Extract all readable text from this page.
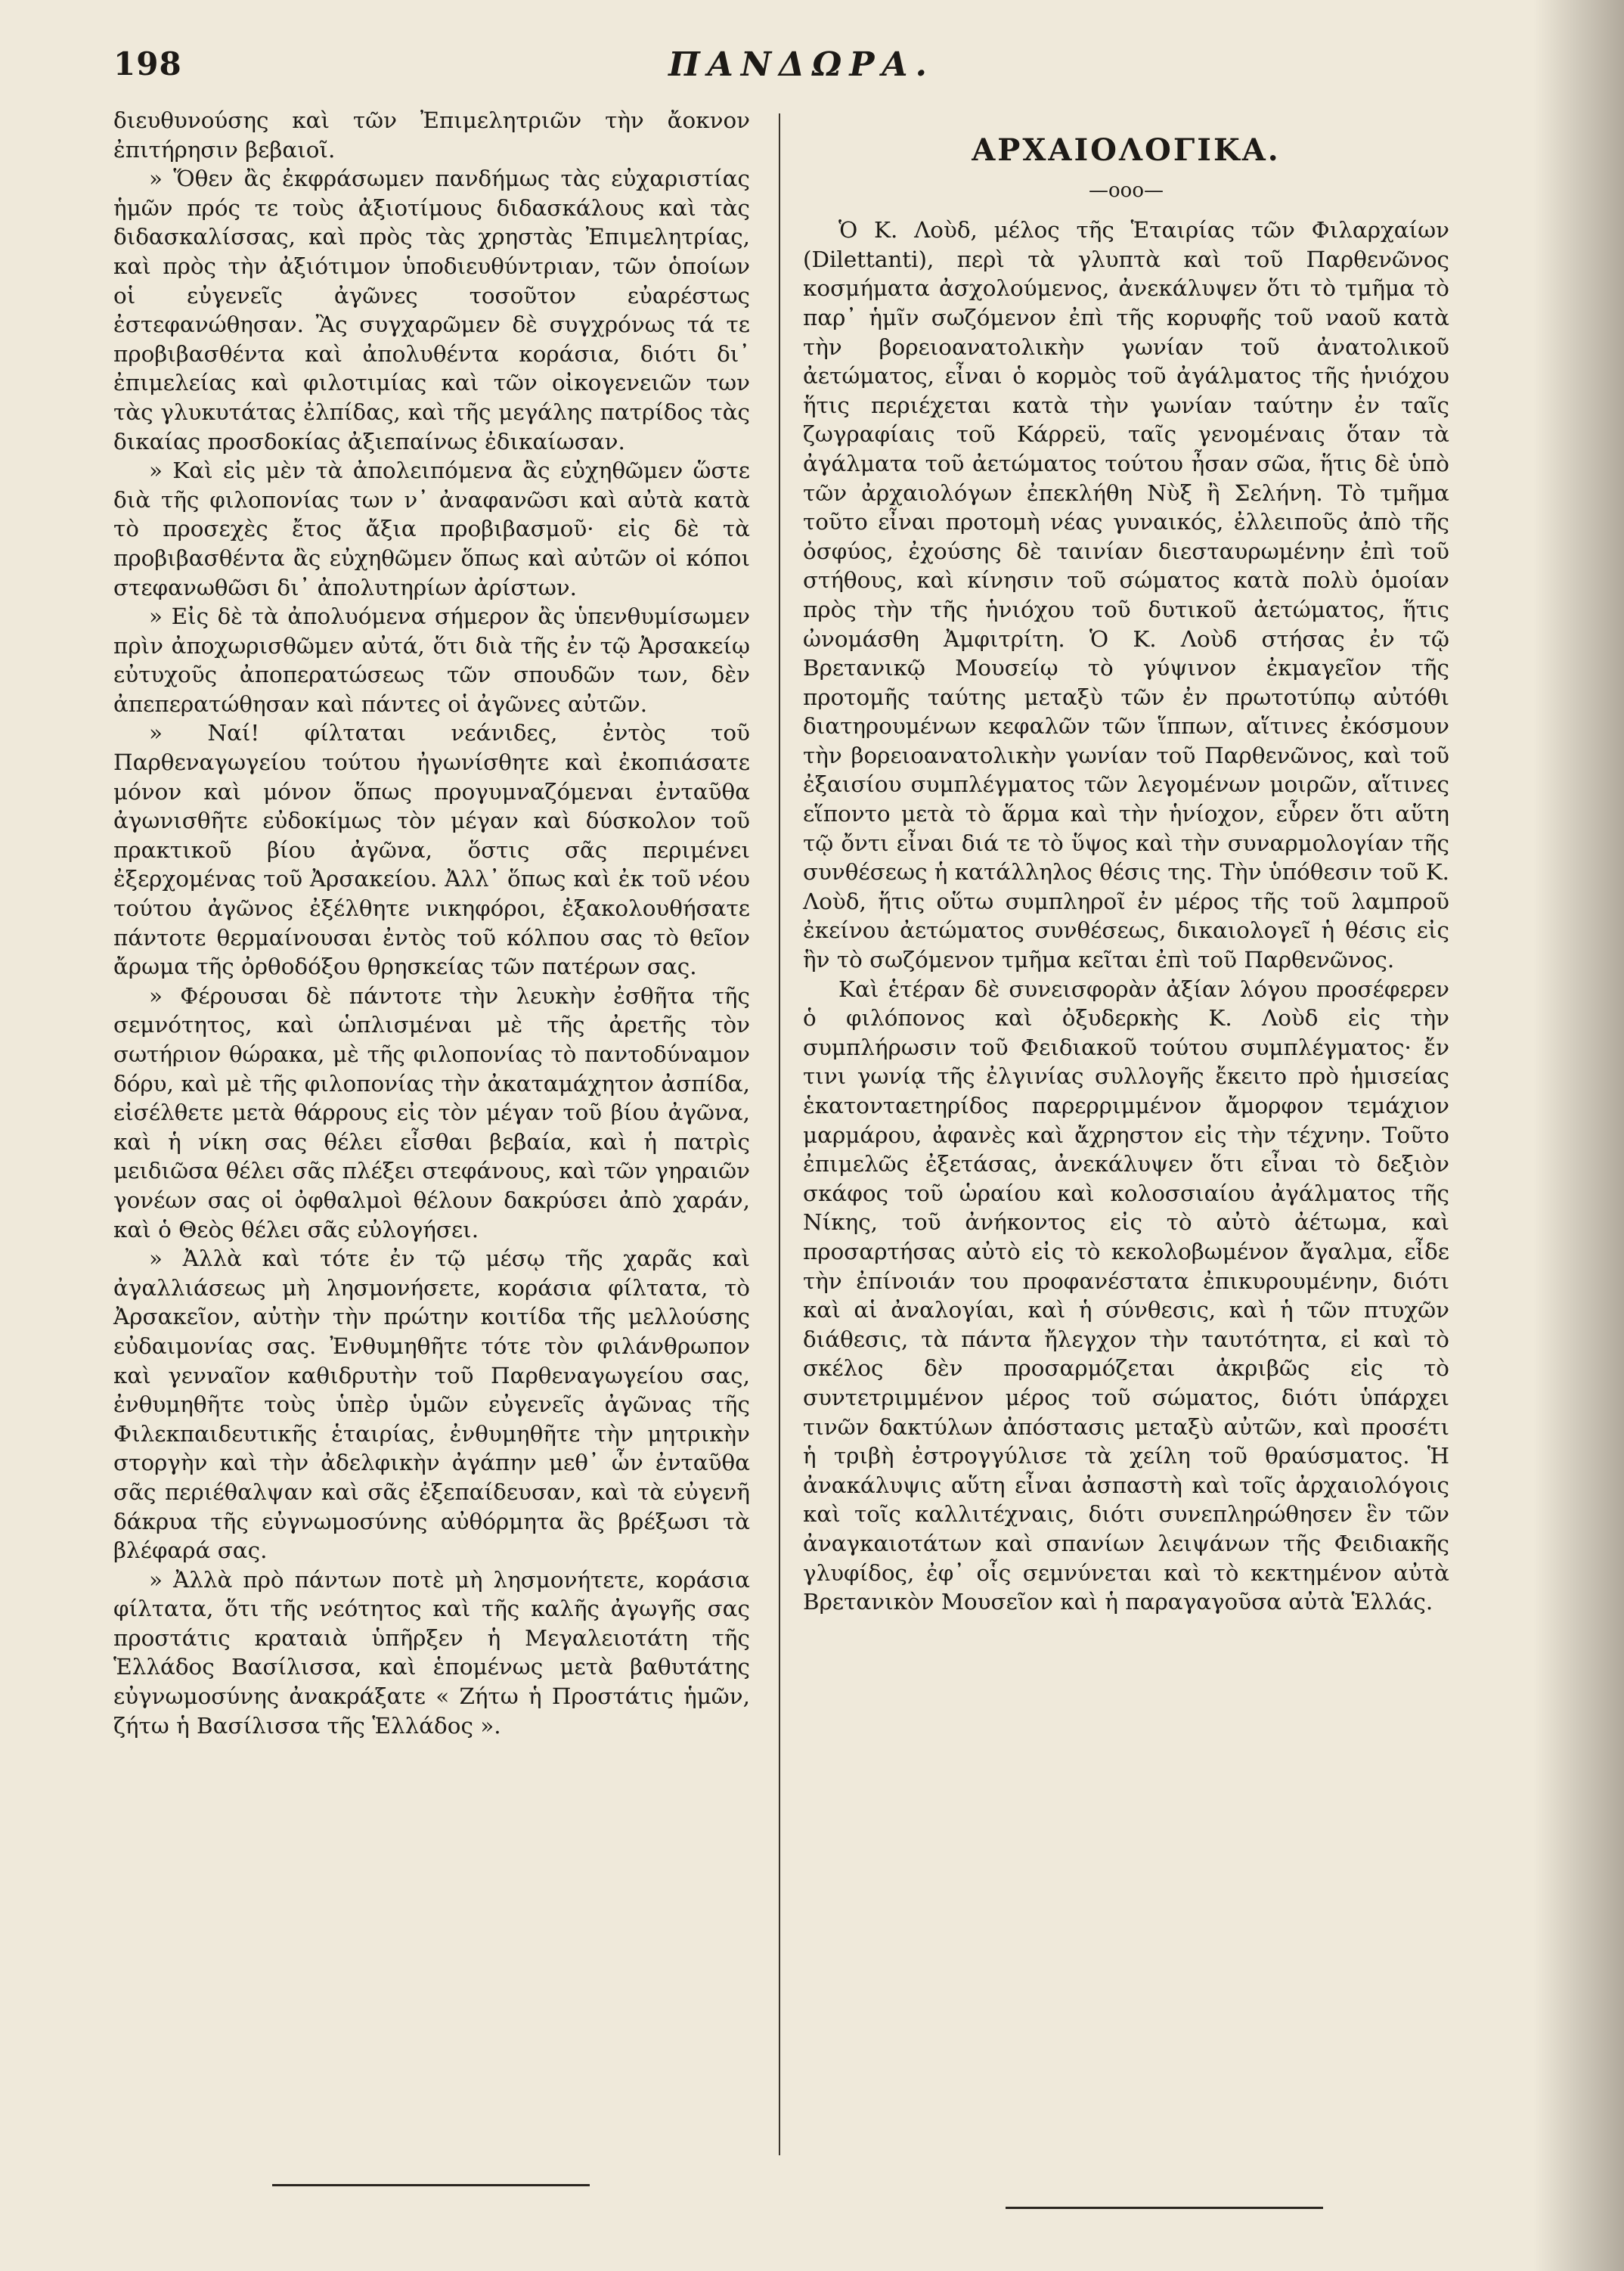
198	ΠΑΝΔΩΡΑ.

διευθυνούσης καὶ τῶν Ἐπιμελητριῶν τὴν ἄοκνον ἐπιτήρησιν βεβαιοῖ.

» Ὅθεν ἂς ἐκφράσωμεν πανδήμως τὰς εὐχαριστίας ἡμῶν πρός τε τοὺς ἀξιοτίμους διδασκάλους καὶ τὰς διδασκαλίσσας, καὶ πρὸς τὰς χρηστὰς Ἐπιμελητρίας, καὶ πρὸς τὴν ἀξιότιμον ὑποδιευθύντριαν, τῶν ὁποίων οἱ εὐγενεῖς ἀγῶνες τοσοῦτον εὐαρέστως ἐστεφανώθησαν. Ἂς συγχαρῶμεν δὲ συγχρόνως τά τε προβιβασθέντα καὶ ἀπολυθέντα κοράσια, διότι δι᾽ ἐπιμελείας καὶ φιλοτιμίας καὶ τῶν οἰκογενειῶν των τὰς γλυκυτάτας ἐλπίδας, καὶ τῆς μεγάλης πατρίδος τὰς δικαίας προσδοκίας ἀξιεπαίνως ἐδικαίωσαν.

» Καὶ εἰς μὲν τὰ ἀπολειπόμενα ἂς εὐχηθῶμεν ὥστε διὰ τῆς φιλοπονίας των ν᾽ ἀναφανῶσι καὶ αὐτὰ κατὰ τὸ προσεχὲς ἔτος ἄξια προβιβασμοῦ· εἰς δὲ τὰ προβιβασθέντα ἂς εὐχηθῶμεν ὅπως καὶ αὐτῶν οἱ κόποι στεφανωθῶσι δι᾽ ἀπολυτηρίων ἀρίστων.

» Εἰς δὲ τὰ ἀπολυόμενα σήμερον ἂς ὑπενθυμίσωμεν πρὶν ἀποχωρισθῶμεν αὐτά, ὅτι διὰ τῆς ἐν τῷ Ἀρσακείῳ εὐτυχοῦς ἀποπερατώσεως τῶν σπουδῶν των, δὲν ἀπεπερατώθησαν καὶ πάντες οἱ ἀγῶνες αὐτῶν.

» Ναί! φίλταται νεάνιδες, ἐντὸς τοῦ Παρθεναγωγείου τούτου ἠγωνίσθητε καὶ ἐκοπιάσατε μόνον καὶ μόνον ὅπως προγυμναζόμεναι ἐνταῦθα ἀγωνισθῆτε εὐδοκίμως τὸν μέγαν καὶ δύσκολον τοῦ πρακτικοῦ βίου ἀγῶνα, ὅστις σᾶς περιμένει ἐξερχομένας τοῦ Ἀρσακείου. Ἀλλ᾽ ὅπως καὶ ἐκ τοῦ νέου τούτου ἀγῶνος ἐξέλθητε νικηφόροι, ἐξακολουθήσατε πάντοτε θερμαίνουσαι ἐντὸς τοῦ κόλπου σας τὸ θεῖον ἄρωμα τῆς ὀρθοδόξου θρησκείας τῶν πατέρων σας.

» Φέρουσαι δὲ πάντοτε τὴν λευκὴν ἐσθῆτα τῆς σεμνότητος, καὶ ὡπλισμέναι μὲ τῆς ἀρετῆς τὸν σωτήριον θώρακα, μὲ τῆς φιλοπονίας τὸ παντοδύναμον δόρυ, καὶ μὲ τῆς φιλοπονίας τὴν ἀκαταμάχητον ἀσπίδα, εἰσέλθετε μετὰ θάρρους εἰς τὸν μέγαν τοῦ βίου ἀγῶνα, καὶ ἡ νίκη σας θέλει εἶσθαι βεβαία, καὶ ἡ πατρὶς μειδιῶσα θέλει σᾶς πλέξει στεφάνους, καὶ τῶν γηραιῶν γονέων σας οἱ ὀφθαλμοὶ θέλουν δακρύσει ἀπὸ χαράν, καὶ ὁ Θεὸς θέλει σᾶς εὐλογήσει.

» Ἀλλὰ καὶ τότε ἐν τῷ μέσῳ τῆς χαρᾶς καὶ ἀγαλλιάσεως μὴ λησμονήσετε, κοράσια φίλτατα, τὸ Ἀρσακεῖον, αὐτὴν τὴν πρώτην κοιτίδα τῆς μελλούσης εὐδαιμονίας σας. Ἐνθυμηθῆτε τότε τὸν φιλάνθρωπον καὶ γενναῖον καθιδρυτὴν τοῦ Παρθεναγωγείου σας, ἐνθυμηθῆτε τοὺς ὑπὲρ ὑμῶν εὐγενεῖς ἀγῶνας τῆς Φιλεκπαιδευτικῆς ἑταιρίας, ἐνθυμηθῆτε τὴν μητρικὴν στοργὴν καὶ τὴν ἀδελφικὴν ἀγάπην μεθ᾽ ὧν ἐνταῦθα σᾶς περιέθαλψαν καὶ σᾶς ἐξεπαίδευσαν, καὶ τὰ εὐγενῆ δάκρυα τῆς εὐγνωμοσύνης αὐθόρμητα ἂς βρέξωσι τὰ βλέφαρά σας.

» Ἀλλὰ πρὸ πάντων ποτὲ μὴ λησμονήτετε, κοράσια φίλτατα, ὅτι τῆς νεότητος καὶ τῆς καλῆς ἀγωγῆς σας προστάτις κραταιὰ ὑπῆρξεν ἡ Μεγαλειοτάτη τῆς Ἑλλάδος Βασίλισσα, καὶ ἑπομένως μετὰ βαθυτάτης εὐγνωμοσύνης ἀνακράξατε « Ζήτω ἡ Προστάτις ἡμῶν, ζήτω ἡ Βασίλισσα τῆς Ἑλλάδος ».

ΑΡΧΑΙΟΛΟΓΙΚΑ.
—ooo—

Ὁ Κ. Λοὺδ, μέλος τῆς Ἑταιρίας τῶν Φιλαρχαίων (Dilettanti), περὶ τὰ γλυπτὰ καὶ τοῦ Παρθενῶνος κοσμήματα ἀσχολούμενος, ἀνεκάλυψεν ὅτι τὸ τμῆμα τὸ παρ᾽ ἡμῖν σωζόμενον ἐπὶ τῆς κορυφῆς τοῦ ναοῦ κατὰ τὴν βορειοανατολικὴν γωνίαν τοῦ ἀνατολικοῦ ἀετώματος, εἶναι ὁ κορμὸς τοῦ ἀγάλματος τῆς ἡνιόχου ἥτις περιέχεται κατὰ τὴν γωνίαν ταύτην ἐν ταῖς ζωγραφίαις τοῦ Κάρρεϋ, ταῖς γενομέναις ὅταν τὰ ἀγάλματα τοῦ ἀετώματος τούτου ἦσαν σῶα, ἥτις δὲ ὑπὸ τῶν ἀρχαιολόγων ἐπεκλήθη Νὺξ ἢ Σελήνη. Τὸ τμῆμα τοῦτο εἶναι προτομὴ νέας γυναικός, ἐλλειποῦς ἀπὸ τῆς ὀσφύος, ἐχούσης δὲ ταινίαν διεσταυρωμένην ἐπὶ τοῦ στήθους, καὶ κίνησιν τοῦ σώματος κατὰ πολὺ ὁμοίαν πρὸς τὴν τῆς ἡνιόχου τοῦ δυτικοῦ ἀετώματος, ἥτις ὠνομάσθη Ἀμφιτρίτη. Ὁ Κ. Λοὺδ στήσας ἐν τῷ Βρετανικῷ Μουσείῳ τὸ γύψινον ἐκμαγεῖον τῆς προτομῆς ταύτης μεταξὺ τῶν ἐν πρωτοτύπῳ αὐτόθι διατηρουμένων κεφαλῶν τῶν ἵππων, αἵτινες ἐκόσμουν τὴν βορειοανατολικὴν γωνίαν τοῦ Παρθενῶνος, καὶ τοῦ ἐξαισίου συμπλέγματος τῶν λεγομένων μοιρῶν, αἵτινες εἵποντο μετὰ τὸ ἅρμα καὶ τὴν ἡνίοχον, εὗρεν ὅτι αὕτη τῷ ὄντι εἶναι διά τε τὸ ὕψος καὶ τὴν συναρμολογίαν τῆς συνθέσεως ἡ κατάλληλος θέσις της. Τὴν ὑπόθεσιν τοῦ Κ. Λοὺδ, ἥτις οὕτω συμπληροῖ ἐν μέρος τῆς τοῦ λαμπροῦ ἐκείνου ἀετώματος συνθέσεως, δικαιολογεῖ ἡ θέσις εἰς ἣν τὸ σωζόμενον τμῆμα κεῖται ἐπὶ τοῦ Παρθενῶνος.

Καὶ ἑτέραν δὲ συνεισφορὰν ἀξίαν λόγου προσέφερεν ὁ φιλόπονος καὶ ὀξυδερκὴς Κ. Λοὺδ εἰς τὴν συμπλήρωσιν τοῦ Φειδιακοῦ τούτου συμπλέγματος· ἔν τινι γωνίᾳ τῆς ἐλγινίας συλλογῆς ἔκειτο πρὸ ἡμισείας ἑκατονταετηρίδος παρερριμμένον ἄμορφον τεμάχιον μαρμάρου, ἀφανὲς καὶ ἄχρηστον εἰς τὴν τέχνην. Τοῦτο ἐπιμελῶς ἐξετάσας, ἀνεκάλυψεν ὅτι εἶναι τὸ δεξιὸν σκάφος τοῦ ὡραίου καὶ κολοσσιαίου ἀγάλματος τῆς Νίκης, τοῦ ἀνήκοντος εἰς τὸ αὐτὸ ἀέτωμα, καὶ προσαρτήσας αὐτὸ εἰς τὸ κεκολοβωμένον ἄγαλμα, εἶδε τὴν ἐπίνοιάν του προφανέστατα ἐπικυρουμένην, διότι καὶ αἱ ἀναλογίαι, καὶ ἡ σύνθεσις, καὶ ἡ τῶν πτυχῶν διάθεσις, τὰ πάντα ἤλεγχον τὴν ταυτότητα, εἰ καὶ τὸ σκέλος δὲν προσαρμόζεται ἀκριβῶς εἰς τὸ συντετριμμένον μέρος τοῦ σώματος, διότι ὑπάρχει τινῶν δακτύλων ἀπόστασις μεταξὺ αὐτῶν, καὶ προσέτι ἡ τριβὴ ἐστρογγύλισε τὰ χείλη τοῦ θραύσματος. Ἡ ἀνακάλυψις αὕτη εἶναι ἀσπαστὴ καὶ τοῖς ἀρχαιολόγοις καὶ τοῖς καλλιτέχναις, διότι συνεπληρώθησεν ἓν τῶν ἀναγκαιοτάτων καὶ σπανίων λειψάνων τῆς Φειδιακῆς γλυφίδος, ἐφ᾽ οἷς σεμνύνεται καὶ τὸ κεκτημένον αὐτὰ Βρετανικὸν Μουσεῖον καὶ ἡ παραγαγοῦσα αὐτὰ Ἑλλάς.
